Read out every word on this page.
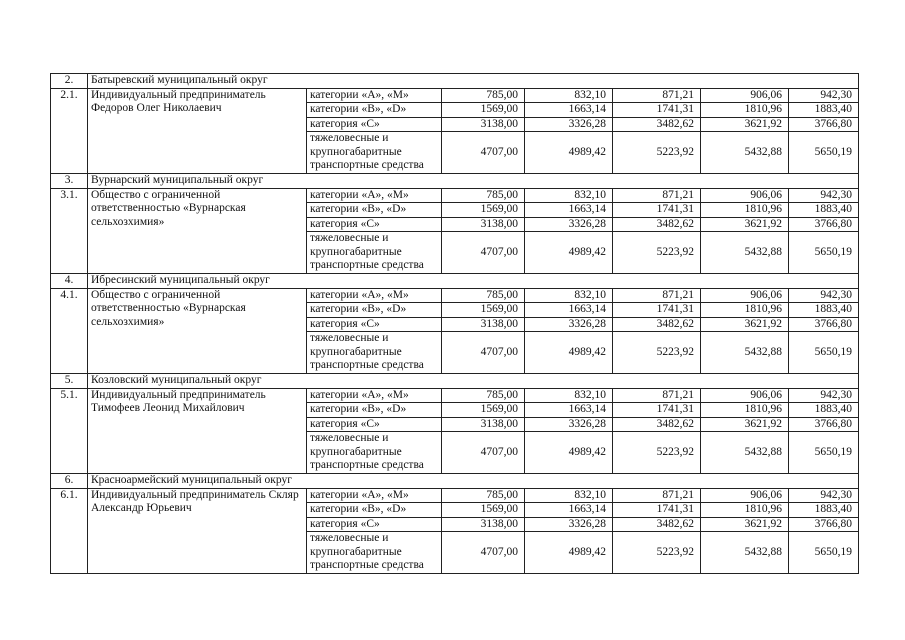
2.	Батыревский муниципальный округ						
2.1.	Индивидуальный предприниматель Федоров Олег Николаевич	категории «А», «М»	785,00	832,10	871,21	906,06	942,30
		категории «В», «D»	1569,00	1663,14	1741,31	1810,96	1883,40
		категория «С»	3138,00	3326,28	3482,62	3621,92	3766,80
		тяжеловесные и крупногабаритные транспортные средства	4707,00	4989,42	5223,92	5432,88	5650,19
3.	Вурнарский муниципальный округ						
3.1.	Общество с ограниченной ответственностью «Вурнарская сельхозхимия»	категории «А», «М»	785,00	832,10	871,21	906,06	942,30
		категории «В», «D»	1569,00	1663,14	1741,31	1810,96	1883,40
		категория «С»	3138,00	3326,28	3482,62	3621,92	3766,80
		тяжеловесные и крупногабаритные транспортные средства	4707,00	4989,42	5223,92	5432,88	5650,19
4.	Ибресинский муниципальный округ						
4.1.	Общество с ограниченной ответственностью «Вурнарская сельхозхимия»	категории «А», «М»	785,00	832,10	871,21	906,06	942,30
		категории «В», «D»	1569,00	1663,14	1741,31	1810,96	1883,40
		категория «С»	3138,00	3326,28	3482,62	3621,92	3766,80
		тяжеловесные и крупногабаритные транспортные средства	4707,00	4989,42	5223,92	5432,88	5650,19
5.	Козловский муниципальный округ						
5.1.	Индивидуальный предприниматель Тимофеев Леонид Михайлович	категории «А», «М»	785,00	832,10	871,21	906,06	942,30
		категории «В», «D»	1569,00	1663,14	1741,31	1810,96	1883,40
		категория «С»	3138,00	3326,28	3482,62	3621,92	3766,80
		тяжеловесные и крупногабаритные транспортные средства	4707,00	4989,42	5223,92	5432,88	5650,19
6.	Красноармейский муниципальный округ						
6.1.	Индивидуальный предприниматель Скляр Александр Юрьевич	категории «А», «М»	785,00	832,10	871,21	906,06	942,30
		категории «В», «D»	1569,00	1663,14	1741,31	1810,96	1883,40
		категория «С»	3138,00	3326,28	3482,62	3621,92	3766,80
		тяжеловесные и крупногабаритные транспортные средства	4707,00	4989,42	5223,92	5432,88	5650,19
